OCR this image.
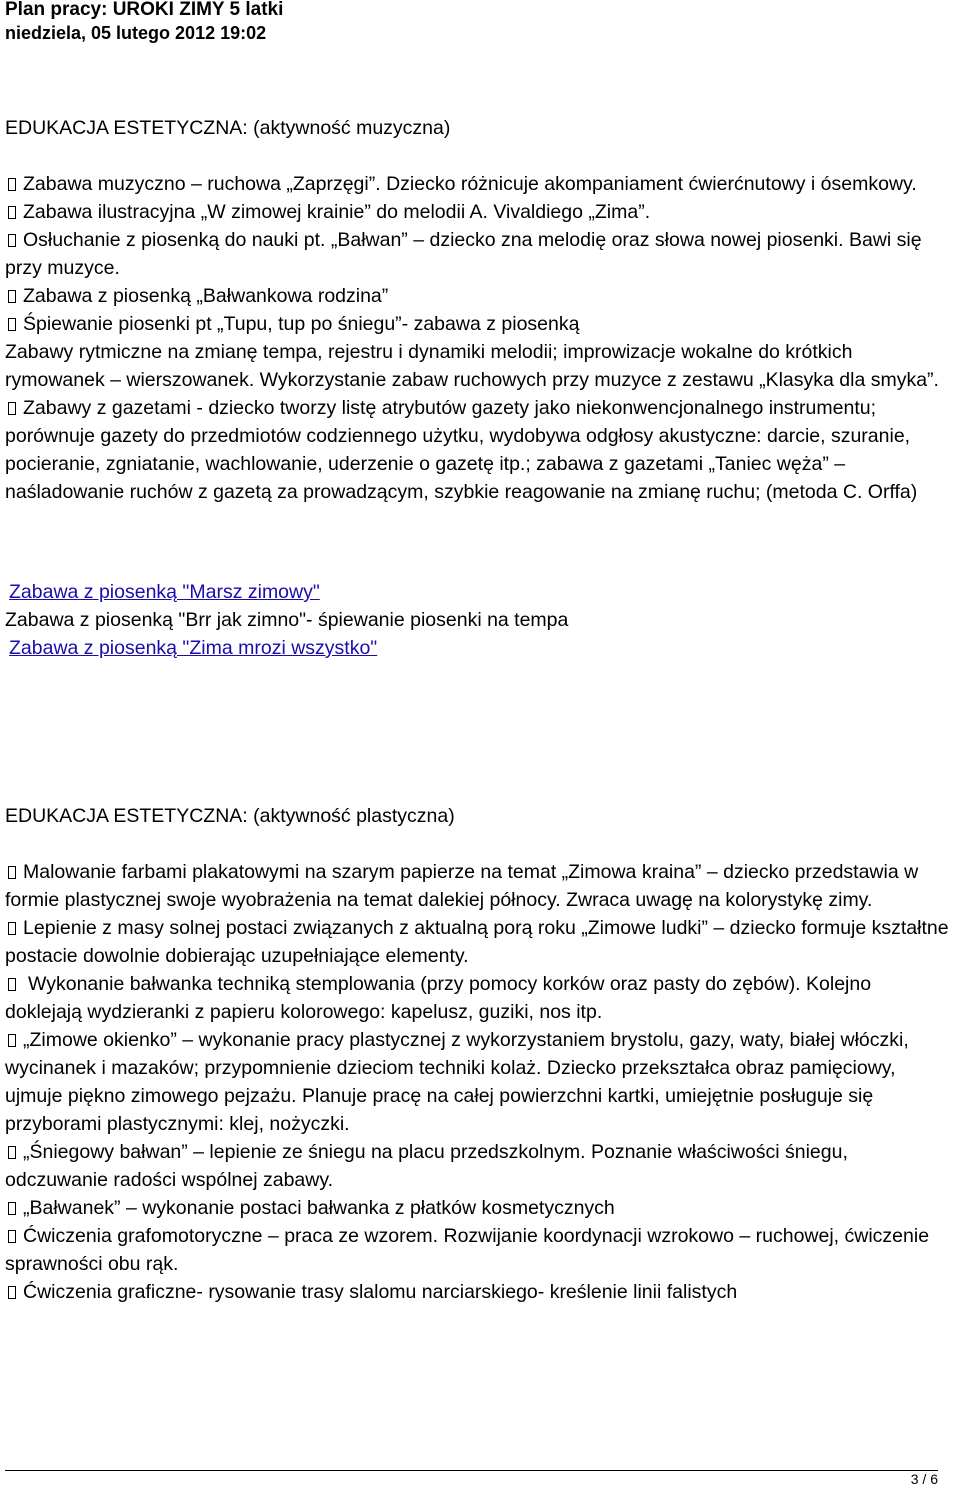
Plan pracy: UROKI ZIMY 5 latki
niedziela, 05 lutego 2012 19:02

EDUKACJA ESTETYCZNA: (aktywność muzyczna)

Zabawa muzyczno – ruchowa „Zaprzęgi”. Dziecko różnicuje akompaniament ćwierćnutowy i ósemkowy.

Zabawa ilustracyjna „W zimowej krainie” do melodii A. Vivaldiego „Zima”.

Osłuchanie z piosenką do nauki pt. „Bałwan” – dziecko zna melodię oraz słowa nowej piosenki. Bawi się przy muzyce.

Zabawa z piosenką „Bałwankowa rodzina”

Śpiewanie piosenki pt „Tupu, tup po śniegu”- zabawa z piosenką

Zabawy rytmiczne na zmianę tempa, rejestru i dynamiki melodii; improwizacje wokalne do krótkich rymowanek – wierszowanek. Wykorzystanie zabaw ruchowych przy muzyce z zestawu „Klasyka dla smyka”.

Zabawy z gazetami - dziecko tworzy listę atrybutów gazety jako niekonwencjonalnego instrumentu; porównuje gazety do przedmiotów codziennego użytku, wydobywa odgłosy akustyczne: darcie, szuranie, pocieranie, zgniatanie, wachlowanie, uderzenie o gazetę itp.; zabawa z gazetami „Taniec węża” – naśladowanie ruchów z gazetą za prowadzącym, szybkie reagowanie na zmianę ruchu; (metoda C. Orffa)

Zabawa z piosenką "Marsz zimowy"

Zabawa z piosenką "Brr jak zimno"- śpiewanie piosenki na tempa

Zabawa z piosenką "Zima mrozi wszystko"

EDUKACJA ESTETYCZNA: (aktywność plastyczna)

Malowanie farbami plakatowymi na szarym papierze na temat „Zimowa kraina” – dziecko przedstawia w formie plastycznej swoje wyobrażenia na temat dalekiej północy. Zwraca uwagę na kolorystykę zimy.

Lepienie z masy solnej postaci związanych z aktualną porą roku „Zimowe ludki” – dziecko formuje kształtne postacie dowolnie dobierając uzupełniające elementy.

Wykonanie bałwanka techniką stemplowania (przy pomocy korków oraz pasty do zębów). Kolejno doklejają wydzieranki z papieru kolorowego: kapelusz, guziki, nos itp.

„Zimowe okienko” – wykonanie pracy plastycznej z wykorzystaniem brystolu, gazy, waty, białej włóczki, wycinanek i mazaków; przypomnienie dzieciom techniki kolaż. Dziecko przekształca obraz pamięciowy, ujmuje piękno zimowego pejzażu. Planuje pracę na całej powierzchni kartki, umiejętnie posługuje się przyborami plastycznymi: klej, nożyczki.

„Śniegowy bałwan” – lepienie ze śniegu na placu przedszkolnym. Poznanie właściwości śniegu, odczuwanie radości wspólnej zabawy.

„Bałwanek” – wykonanie postaci bałwanka z płatków kosmetycznych

Ćwiczenia grafomotoryczne – praca ze wzorem. Rozwijanie koordynacji wzrokowo – ruchowej, ćwiczenie sprawności obu rąk.

Ćwiczenia graficzne- rysowanie trasy slalomu narciarskiego- kreślenie linii falistych

3 / 6
